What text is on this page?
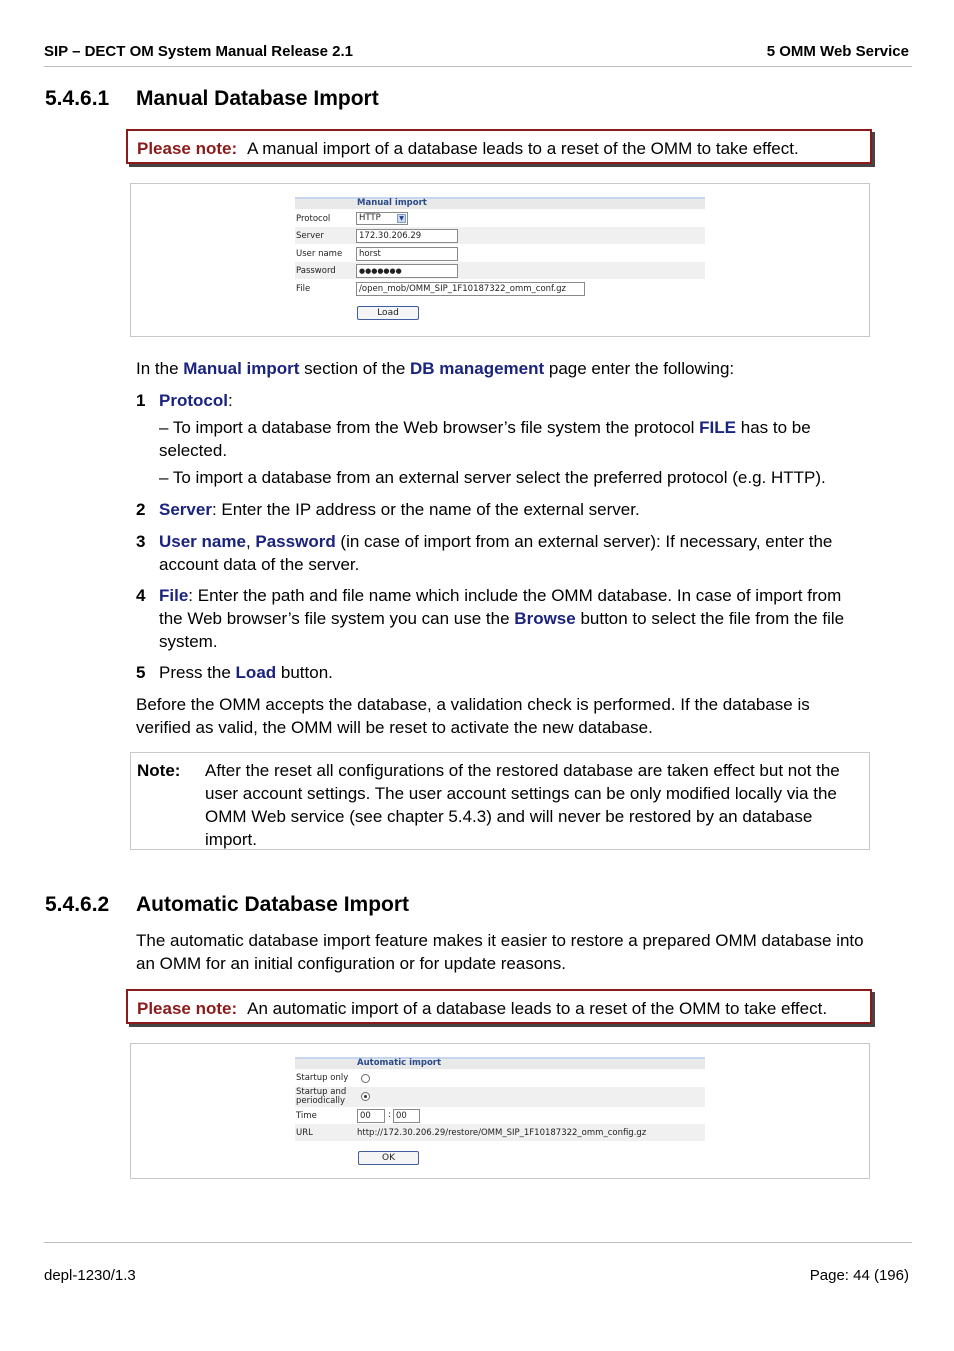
SIP – DECT OM System Manual Release 2.1	5 OMM Web Service
5.4.6.1 Manual Database Import
Please note: A manual import of a database leads to a reset of the OMM to take effect.
Manual import
Protocol	HTTP	▼
Server	172.30.206.29
User name	horst
Password	●●●●●●●
File	/open_mob/OMM_SIP_1F10187322_omm_conf.gz
Load
In the Manual import section of the DB management page enter the following:
1 Protocol:
– To import a database from the Web browser’s file system the protocol FILE has to be selected.
– To import a database from an external server select the preferred protocol (e.g. HTTP).
2 Server: Enter the IP address or the name of the external server.
3 User name, Password (in case of import from an external server): If necessary, enter the account data of the server.
4 File: Enter the path and file name which include the OMM database. In case of import from the Web browser’s file system you can use the Browse button to select the file from the file system.
5 Press the Load button.
Before the OMM accepts the database, a validation check is performed. If the database is verified as valid, the OMM will be reset to activate the new database.
Note: After the reset all configurations of the restored database are taken effect but not the user account settings. The user account settings can be only modified locally via the OMM Web service (see chapter 5.4.3) and will never be restored by an database import.
5.4.6.2 Automatic Database Import
The automatic database import feature makes it easier to restore a prepared OMM database into an OMM for an initial configuration or for update reasons.
Please note: An automatic import of a database leads to a reset of the OMM to take effect.
Automatic import
Startup only
Startup and
periodically
Time	00	: 00
URL	http://172.30.206.29/restore/OMM_SIP_1F10187322_omm_config.gz
OK
depl-1230/1.3	Page: 44 (196)
